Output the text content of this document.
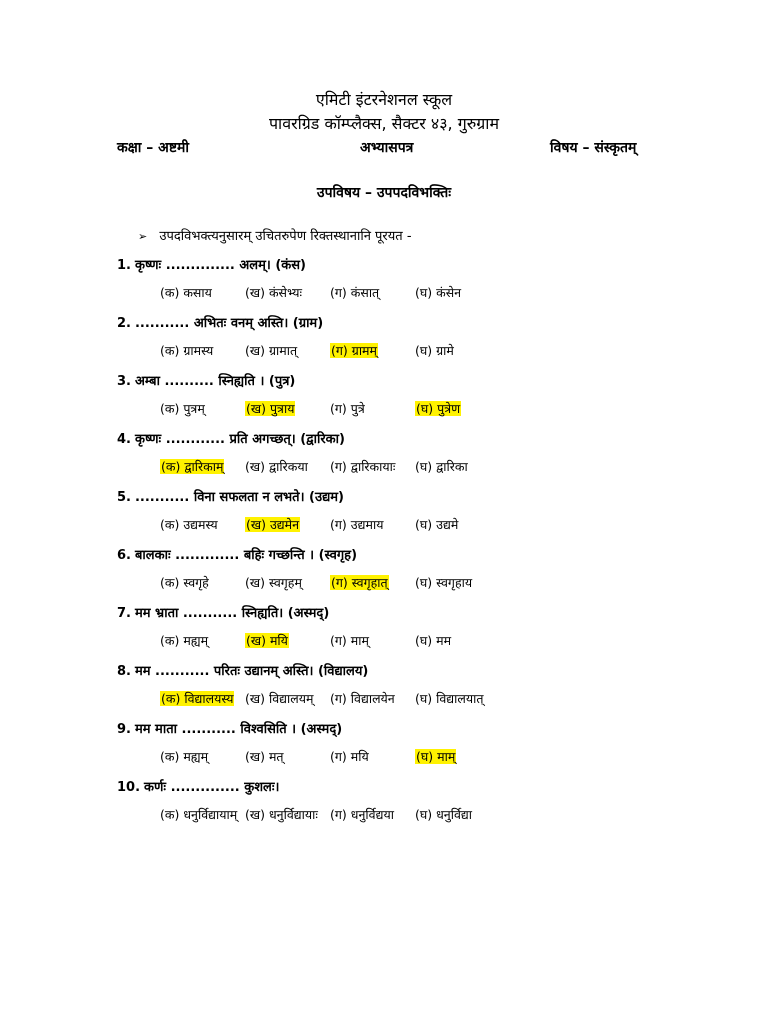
एमिटी इंटरनेशनल स्कूल
पावरग्रिड कॉम्प्लैक्स, सैक्टर ४३, गुरुग्राम
कक्षा – अष्टमी	अभ्यासपत्र	विषय – संस्कृतम्
उपविषय – उपपदविभक्तिः
➢ उपदविभक्त्यनुसारम् उचितरुपेण रिक्तस्थानानि पूरयत -
1. कृष्णः .............. अलम्। (कंस)
(क) कसाय	(ख) कंसेभ्यः (ग) कंसात्	(घ) कंसेन
2. ........... अभितः वनम् अस्ति। (ग्राम)
(क) ग्रामस्य	(ख) ग्रामात्	(ग) ग्रामम्	(घ) ग्रामे
3. अम्बा .......... स्निह्यति । (पुत्र)
(क) पुत्रम्	(ख) पुत्राय	(ग) पुत्रे	(घ) पुत्रेण
4. कृष्णः ............ प्रति अगच्छत्। (द्वारिका)
(क) द्वारिकाम् (ख) द्वारिकया (ग) द्वारिकायाः (घ) द्वारिका
5. ........... विना सफलता न लभते। (उद्यम)
(क) उद्यमस्य (ख) उद्यमेन (ग) उद्यमाय	(घ) उद्यमे
6. बालकाः ............. बहिः गच्छन्ति । (स्वगृह)
(क) स्वगृहे	(ख) स्वगृहम् (ग) स्वगृहात् (घ) स्वगृहाय
7. मम भ्राता ........... स्निह्यति। (अस्मद्)
(क) मह्यम्	(ख) मयि	(ग) माम्	(घ) मम
8. मम ........... परितः उद्यानम् अस्ति। (विद्यालय)
(क) विद्यालयस्य (ख) विद्यालयम् (ग) विद्यालयेन (घ) विद्यालयात्
9. मम माता ........... विश्वसिति । (अस्मद्)
(क) मह्यम्	(ख) मत्	(ग) मयि	(घ) माम्
10. कर्णः .............. कुशलः।
(क) धनुर्विद्यायाम् (ख) धनुर्विद्यायाः (ग) धनुर्विद्यया (घ) धनुर्विद्या
